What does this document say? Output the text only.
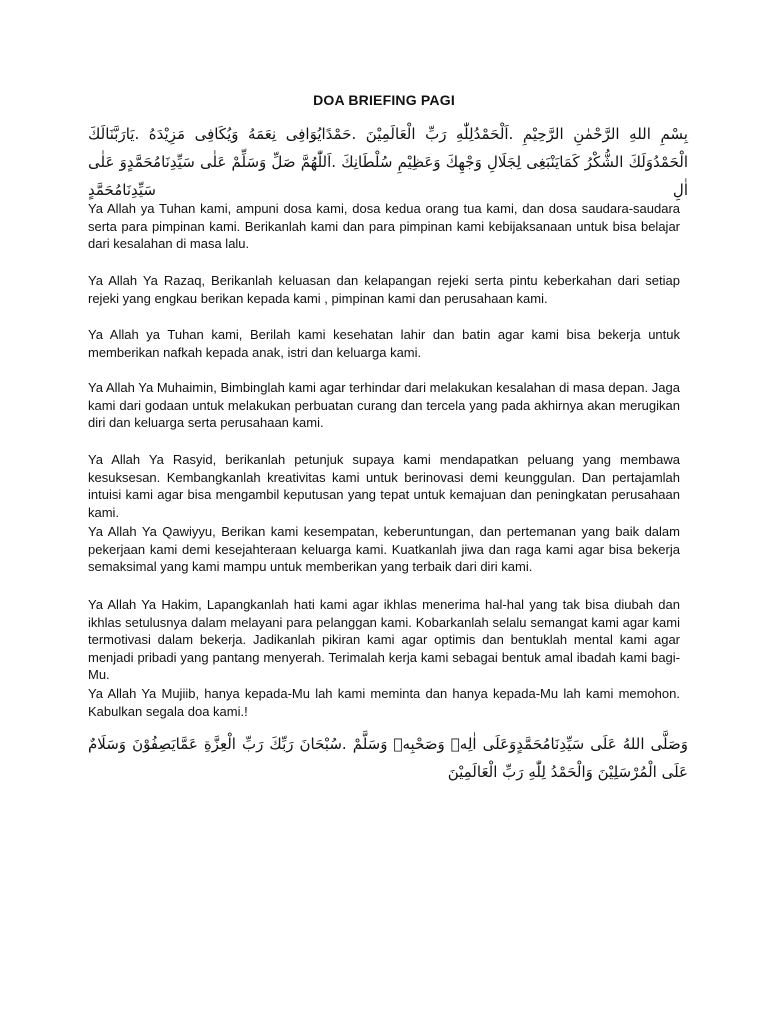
DOA BRIEFING PAGI
بِسْمِ اللهِ الرَّحْمٰنِ الرَّحِيْمِ .اَلْحَمْدُلِلّٰهِ رَبِّ الْعَالَمِيْنَ .حَمْدًايُوَافِى نِعَمَهُ وَيُكَافِى مَزِيْدَهُ .يَارَبَّنَالَكَ الْحَمْدُوَلَكَ الشُّكْرُ كَمَايَنْبَغِى لِجَلَالِ وَجْهِكَ وَعَظِيْمِ سُلْطَانِكَ .اَللّٰهُمَّ صَلِّ وَسَلِّمْ عَلٰى سَيِّدِنَامُحَمَّدٍوَ عَلٰى اٰلِ سَيِّدِنَامُحَمَّدٍ

Ya Allah ya Tuhan kami, ampuni dosa kami, dosa kedua orang tua kami, dan dosa saudara-saudara serta para pimpinan kami. Berikanlah kami dan para pimpinan kami kebijaksanaan untuk bisa belajar dari kesalahan di masa lalu.

Ya Allah Ya Razaq, Berikanlah keluasan dan kelapangan rejeki serta pintu keberkahan dari setiap rejeki yang engkau berikan kepada kami , pimpinan kami dan perusahaan kami.

Ya Allah ya Tuhan kami, Berilah kami kesehatan lahir dan batin agar kami bisa bekerja untuk memberikan nafkah kepada anak, istri dan keluarga kami.

Ya Allah Ya Muhaimin, Bimbinglah kami agar terhindar dari melakukan kesalahan di masa depan. Jaga kami dari godaan untuk melakukan perbuatan curang dan tercela yang pada akhirnya akan merugikan diri dan keluarga serta perusahaan kami.

Ya Allah Ya Rasyid, berikanlah petunjuk supaya kami mendapatkan peluang yang membawa kesuksesan. Kembangkanlah kreativitas kami untuk berinovasi demi keunggulan. Dan pertajamlah intuisi kami agar bisa mengambil keputusan yang tepat untuk kemajuan dan peningkatan perusahaan kami.

Ya Allah Ya Qawiyyu, Berikan kami kesempatan, keberuntungan, dan pertemanan yang baik dalam pekerjaan kami demi kesejahteraan keluarga kami. Kuatkanlah jiwa dan raga kami agar bisa bekerja semaksimal yang kami mampu untuk memberikan yang terbaik dari diri kami.

Ya Allah Ya Hakim, Lapangkanlah hati kami agar ikhlas menerima hal-hal yang tak bisa diubah dan ikhlas setulusnya dalam melayani para pelanggan kami. Kobarkanlah selalu semangat kami agar kami termotivasi dalam bekerja. Jadikanlah pikiran kami agar optimis dan bentuklah mental kami agar menjadi pribadi yang pantang menyerah. Terimalah kerja kami sebagai bentuk amal ibadah kami bagi-Mu.

Ya Allah Ya Mujiib, hanya kepada-Mu lah kami meminta dan hanya kepada-Mu lah kami memohon. Kabulkan segala doa kami.!

وَصَلَّى اللهُ عَلَى سَيِّدِنَامُحَمَّدٍوَعَلَى اٰلِهٖ وَصَحْبِهٖ وَسَلَّمْ .سُبْحَانَ رَبِّكَ رَبِّ الْعِزَّةِ عَمَّايَصِفُوْنَ وَسَلَامٌ عَلَى الْمُرْسَلِيْنَ وَالْحَمْدُ لِلّٰهِ رَبِّ الْعَالَمِيْنَ
